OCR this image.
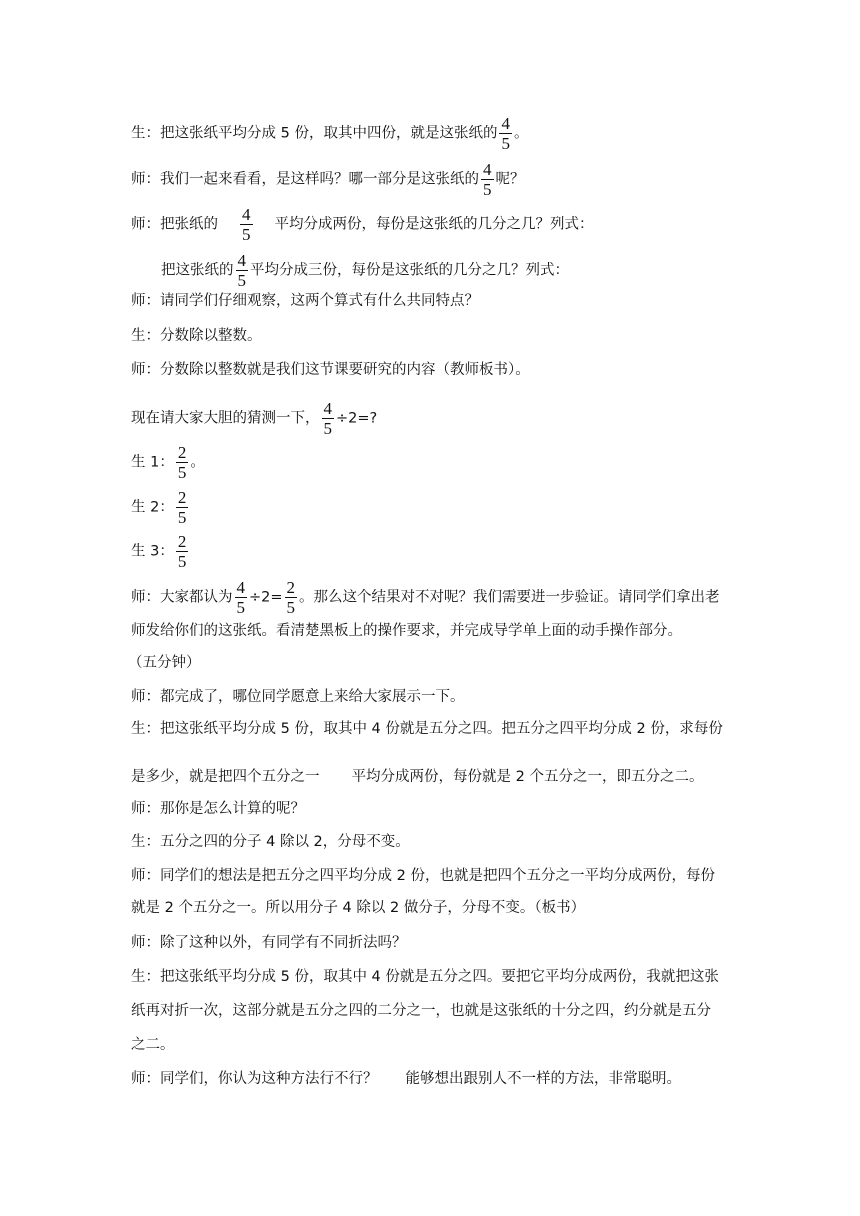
生：把这张纸平均分成 5 份，取其中四份，就是这张纸的 $\frac{4}{5}$ 。
师：我们一起来看看，是这样吗？哪一部分是这张纸的 $\frac{4}{5}$ 呢？
师：把张纸的 $\frac{4}{5}$ 平均分成两份，每份是这张纸的几分之几？列式：
把这张纸的 $\frac{4}{5}$ 平均分成三份，每份是这张纸的几分之几？列式：
师：请同学们仔细观察，这两个算式有什么共同特点？
生：分数除以整数。
师：分数除以整数就是我们这节课要研究的内容（教师板书）。
现在请大家大胆的猜测一下， $\frac{4}{5} \div 2=$?
生 1： $\frac{2}{5}$ 。
生 2： $\frac{2}{5}$
生 3： $\frac{2}{5}$
师：大家都认为 $\frac{4}{5} \div 2= \frac{2}{5}$ 。那么这个结果对不对呢？我们需要进一步验证。请同学们拿出老
师发给你们的这张纸。看清楚黑板上的操作要求，并完成导学单上面的动手操作部分。
（五分钟）
师：都完成了，哪位同学愿意上来给大家展示一下。
生：把这张纸平均分成 5 份，取其中 4 份就是五分之四。把五分之四平均分成 2 份，求每份
是多少，就是把四个五分之一 平均分成两份，每份就是 2 个五分之一，即五分之二。
师：那你是怎么计算的呢？
生：五分之四的分子 4 除以 2，分母不变。
师：同学们的想法是把五分之四平均分成 2 份，也就是把四个五分之一平均分成两份，每份
就是 2 个五分之一。所以用分子 4 除以 2 做分子，分母不变。（板书）
师：除了这种以外，有同学有不同折法吗？
生：把这张纸平均分成 5 份，取其中 4 份就是五分之四。要把它平均分成两份，我就把这张
纸再对折一次，这部分就是五分之四的二分之一，也就是这张纸的十分之四，约分就是五分
之二。
师：同学们，你认为这种方法行不行？ 能够想出跟别人不一样的方法，非常聪明。
